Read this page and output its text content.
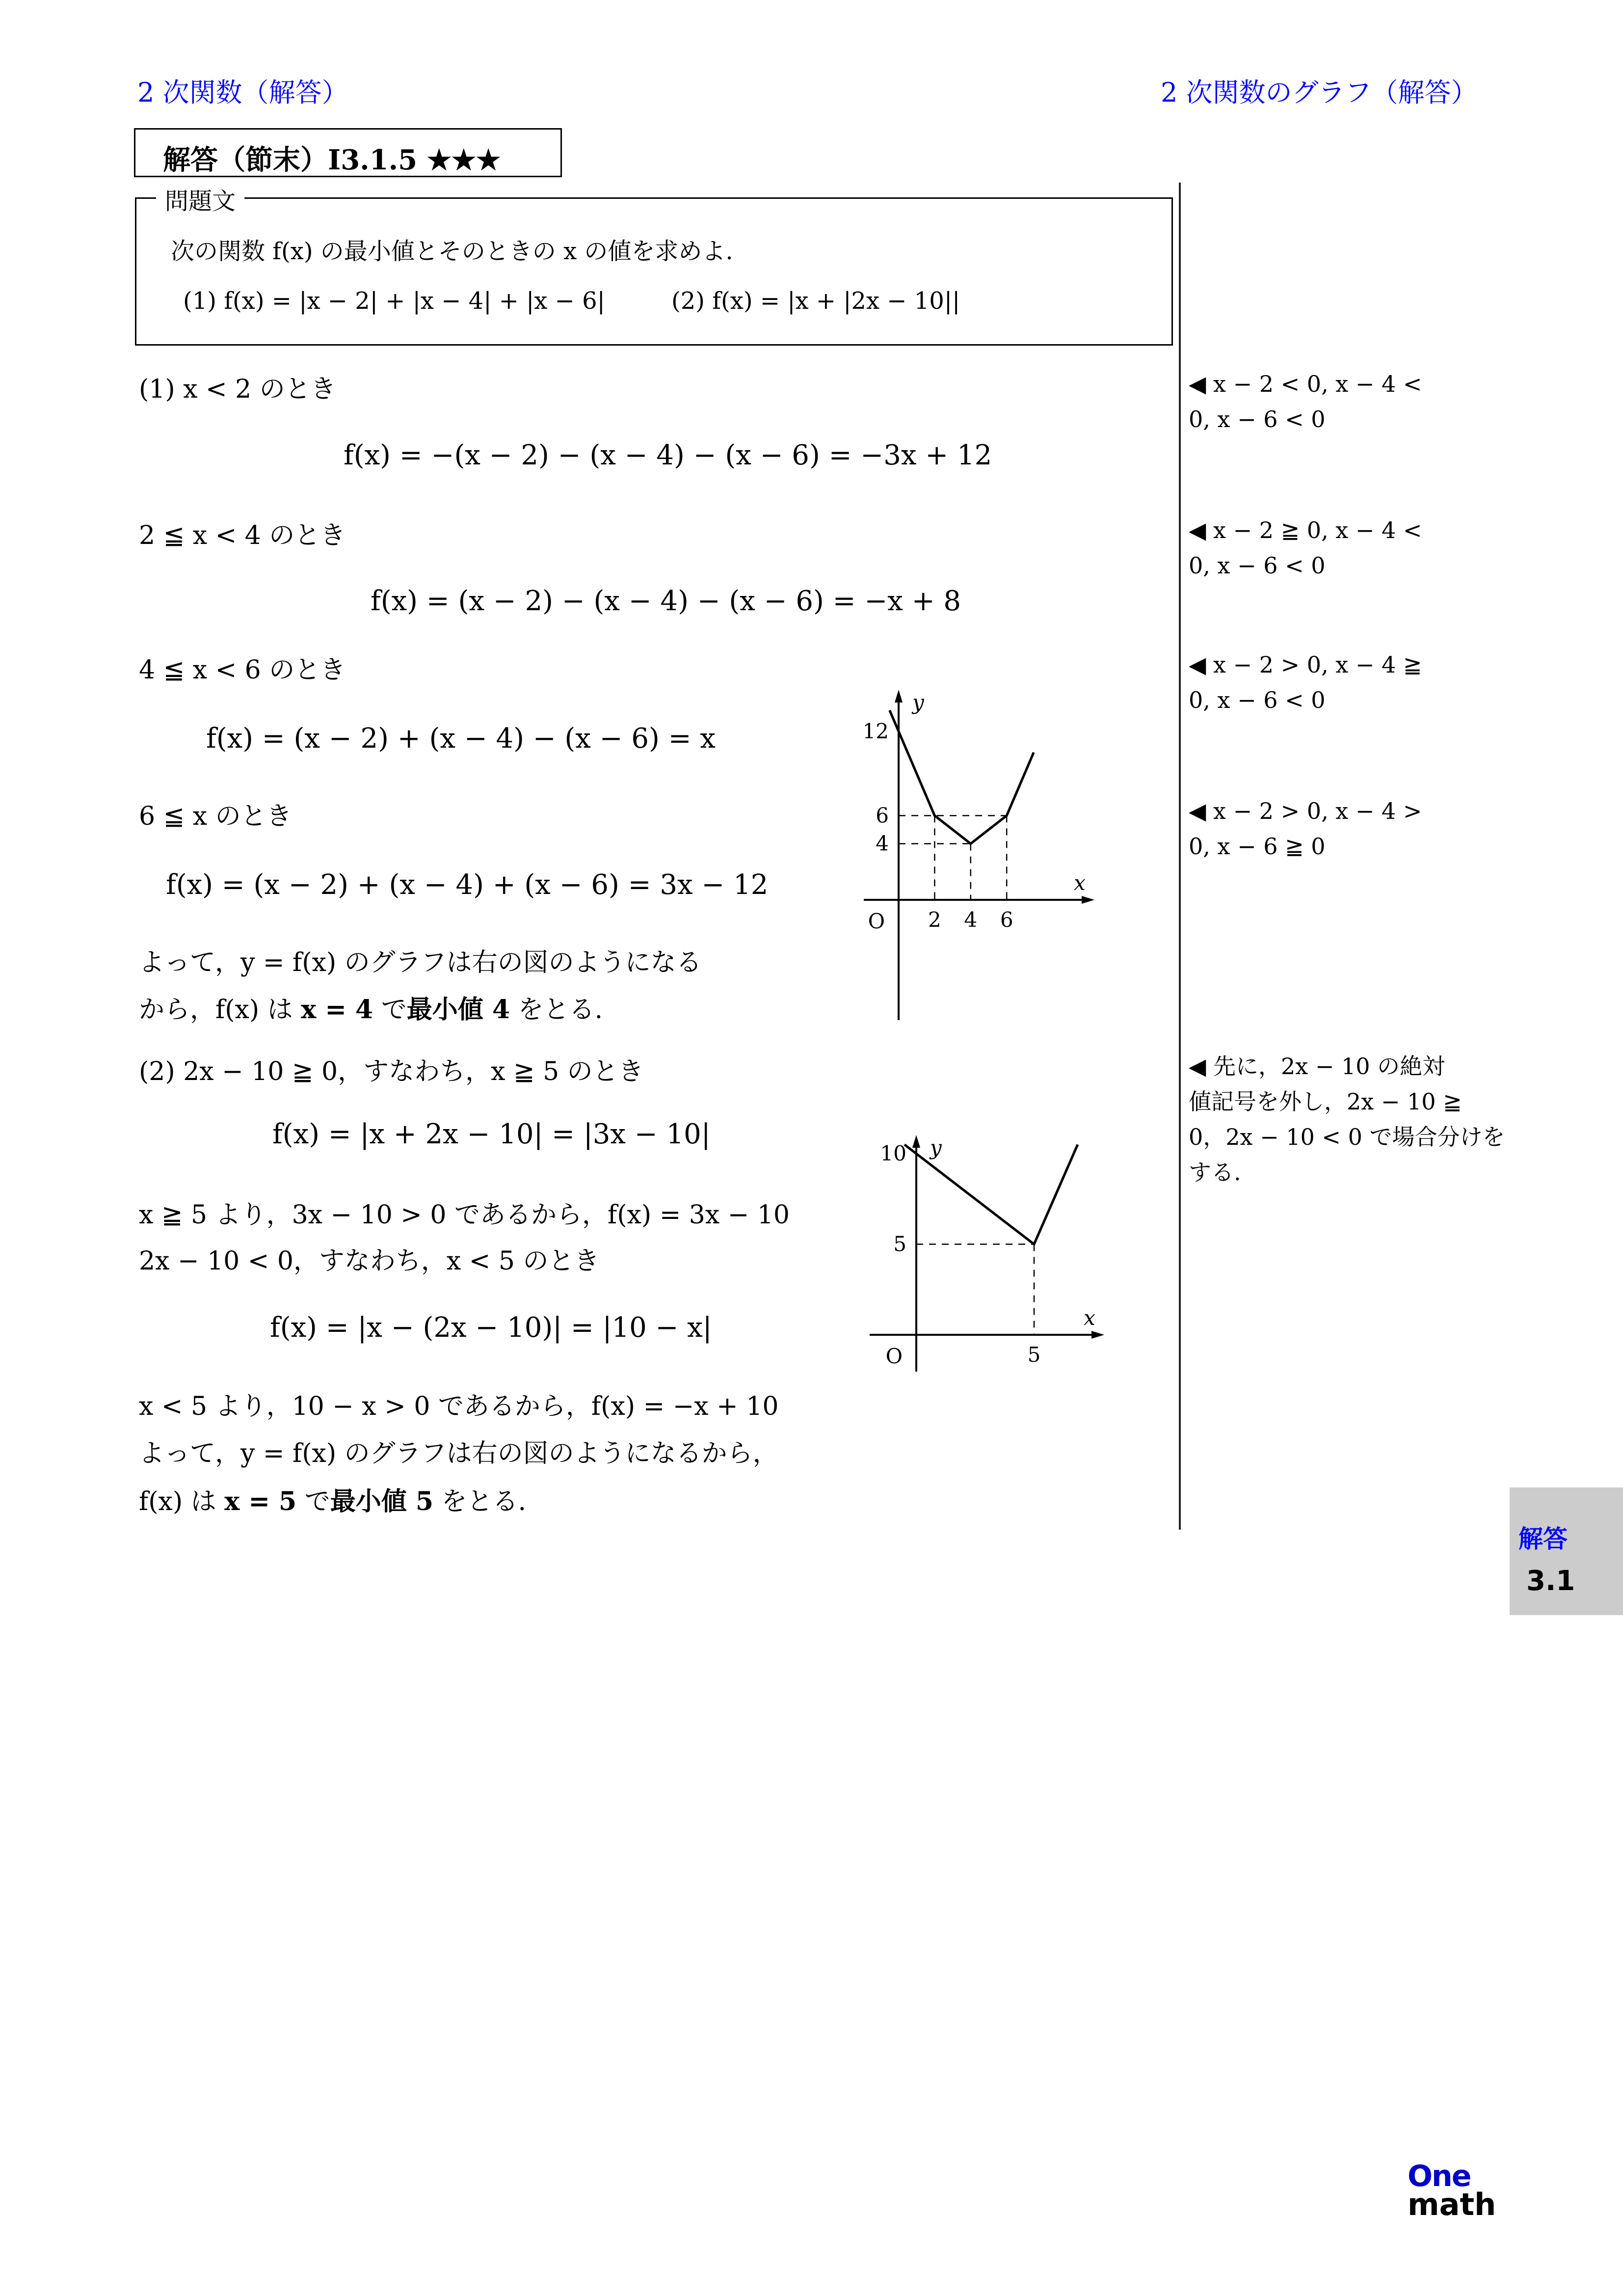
2 次関数（解答）	2 次関数のグラフ（解答）
解答（節末）I3.1.5 ★★★
問題文
次の関数 f(x) の最小値とそのときの x の値を求めよ.
(1) f(x) = |x − 2| + |x − 4| + |x − 6|	(2) f(x) = |x + |2x − 10||
(1) x < 2 のとき
f(x) = −(x − 2) − (x − 4) − (x − 6) = −3x + 12
2 ≦ x < 4 のとき
f(x) = (x − 2) − (x − 4) − (x − 6) = −x + 8
4 ≦ x < 6 のとき
f(x) = (x − 2) + (x − 4) − (x − 6) = x
6 ≦ x のとき
f(x) = (x − 2) + (x − 4) + (x − 6) = 3x − 12
よって，y = f(x) のグラフは右の図のようになる
から，f(x) は x = 4 で最小値 4 をとる.
2 4 6
4
6
12
O
x
y
5
5
10
O
x
y
(2) 2x − 10 ≧ 0，すなわち，x ≧ 5 のとき
f(x) = |x + 2x − 10| = |3x − 10|
x ≧ 5 より，3x − 10 > 0 であるから，f(x) = 3x − 10
2x − 10 < 0，すなわち，x < 5 のとき
f(x) = |x − (2x − 10)| = |10 − x|
x < 5 より，10 − x > 0 であるから，f(x) = −x + 10
よって，y = f(x) のグラフは右の図のようになるから，
f(x) は x = 5 で最小値 5 をとる.
◀ x − 2 < 0, x − 4 <
0, x − 6 < 0
◀ x − 2 ≧ 0, x − 4 <
0, x − 6 < 0
◀ x − 2 > 0, x − 4 ≧
0, x − 6 < 0
◀ x − 2 > 0, x − 4 >
0, x − 6 ≧ 0
◀ 先に，2x − 10 の絶対
値記号を外し，2x − 10 ≧
0，2x − 10 < 0 で場合分けを
する.
解答
3.1
One
math
